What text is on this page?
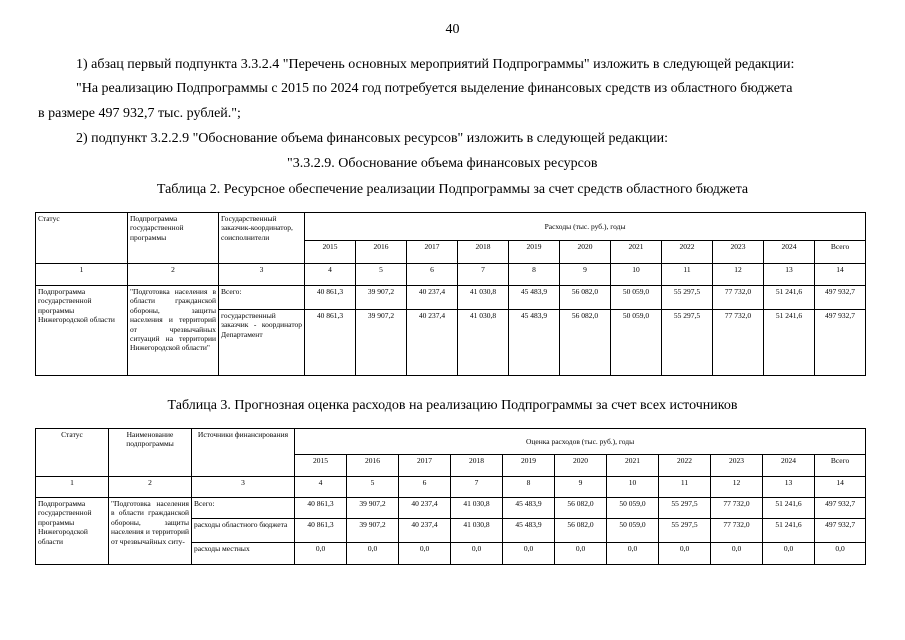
40
1) абзац первый подпункта 3.3.2.4 "Перечень основных мероприятий Подпрограммы" изложить в следующей редакции:
"На реализацию Подпрограммы с 2015 по 2024 год потребуется выделение финансовых средств из областного бюджета
в размере 497 932,7 тыс. рублей.";
2) подпункт 3.2.2.9 "Обоснование объема финансовых ресурсов" изложить в следующей редакции:
"3.3.2.9. Обоснование объема финансовых ресурсов
Таблица 2. Ресурсное обеспечение реализации Подпрограммы за счет средств областного бюджета
Статус	Подпрограмма государственной программы	Государственный заказчик-координатор, соисполнители	Расходы (тыс. руб.), годы										
			2015	2016	2017	2018	2019	2020	2021	2022	2023	2024	Всего
1	2	3	4	5	6	7	8	9	10	11	12	13	14
Подпрограмма государственной программы Нижегородской области	"Подготовка населения в области гражданской обороны, защиты населения и территорий от чрезвычайных ситуаций на территории Нижегородской области"	Всего:	40 861,3	39 907,2	40 237,4	41 030,8	45 483,9	56 082,0	50 059,0	55 297,5	77 732,0	51 241,6	497 932,7
		государственный заказчик - координатор Департамент	40 861,3	39 907,2	40 237,4	41 030,8	45 483,9	56 082,0	50 059,0	55 297,5	77 732,0	51 241,6	497 932,7
Таблица 3. Прогнозная оценка расходов на реализацию Подпрограммы за счет всех источников
Статус	Наименование подпрограммы	Источники финансирования	Оценка расходов (тыс. руб.), годы										
			2015	2016	2017	2018	2019	2020	2021	2022	2023	2024	Всего
1	2	3	4	5	6	7	8	9	10	11	12	13	14
Подпрограмма государственной программы Нижегородской области	"Подготовка населения в области гражданской обороны, защиты населения и территорий от чрезвычайных ситу-	Всего:	40 861,3	39 907,2	40 237,4	41 030,8	45 483,9	56 082,0	50 059,0	55 297,5	77 732,0	51 241,6	497 932,7
		расходы областного бюджета	40 861,3	39 907,2	40 237,4	41 030,8	45 483,9	56 082,0	50 059,0	55 297,5	77 732,0	51 241,6	497 932,7
		расходы местных	0,0	0,0	0,0	0,0	0,0	0,0	0,0	0,0	0,0	0,0	0,0
